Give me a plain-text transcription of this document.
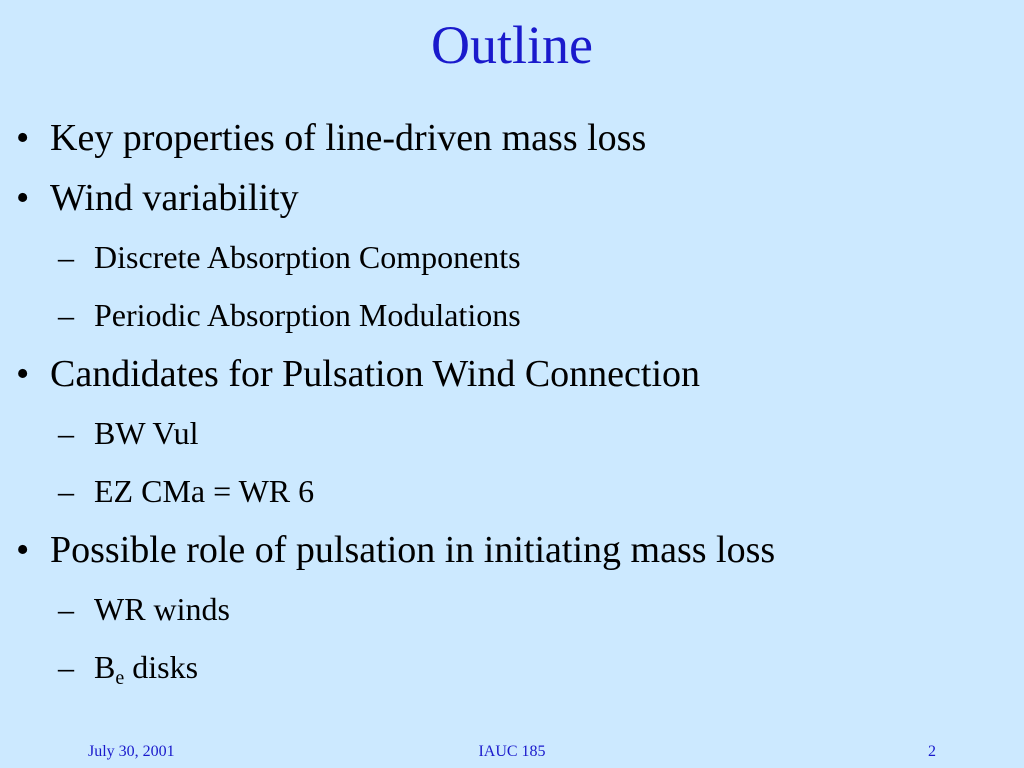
Outline
• Key properties of line-driven mass loss
• Wind variability
– Discrete Absorption Components
– Periodic Absorption Modulations
• Candidates for Pulsation Wind Connection
– BW Vul
– EZ CMa = WR 6
• Possible role of pulsation in initiating mass loss
– WR winds
– $B_e$ disks
July 30, 2001	IAUC 185	2
